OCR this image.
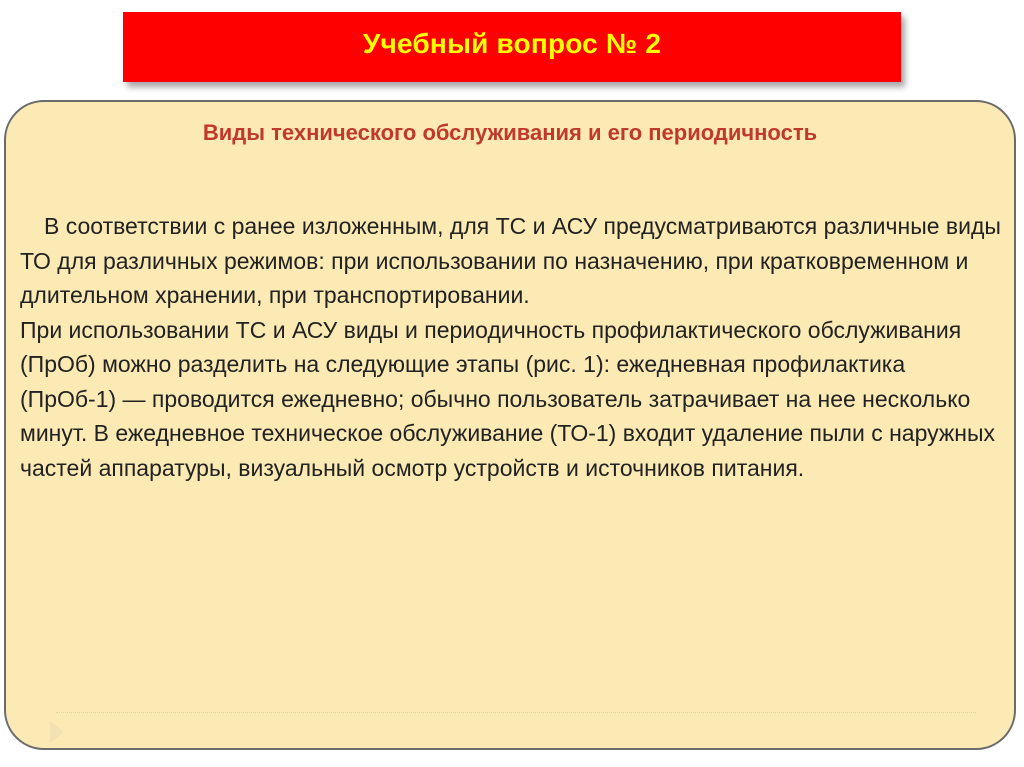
Учебный вопрос № 2
Виды технического обслуживания и его периодичность

В соответствии с ранее изложенным, для ТС и АСУ предусматриваются различные виды ТО для различных режимов: при использовании по назначению, при кратковременном и длительном хранении, при транспортировании.

При использовании ТС и АСУ виды и периодичность профилактического обслуживания (ПрОб) можно разделить на следующие этапы (рис. 1): ежедневная профилактика (ПрОб-1) — проводится ежедневно; обычно пользователь затрачивает на нее несколько минут. В ежедневное техническое обслуживание (ТО-1) входит удаление пыли с наружных частей аппаратуры, визуальный осмотр устройств и источников питания.
